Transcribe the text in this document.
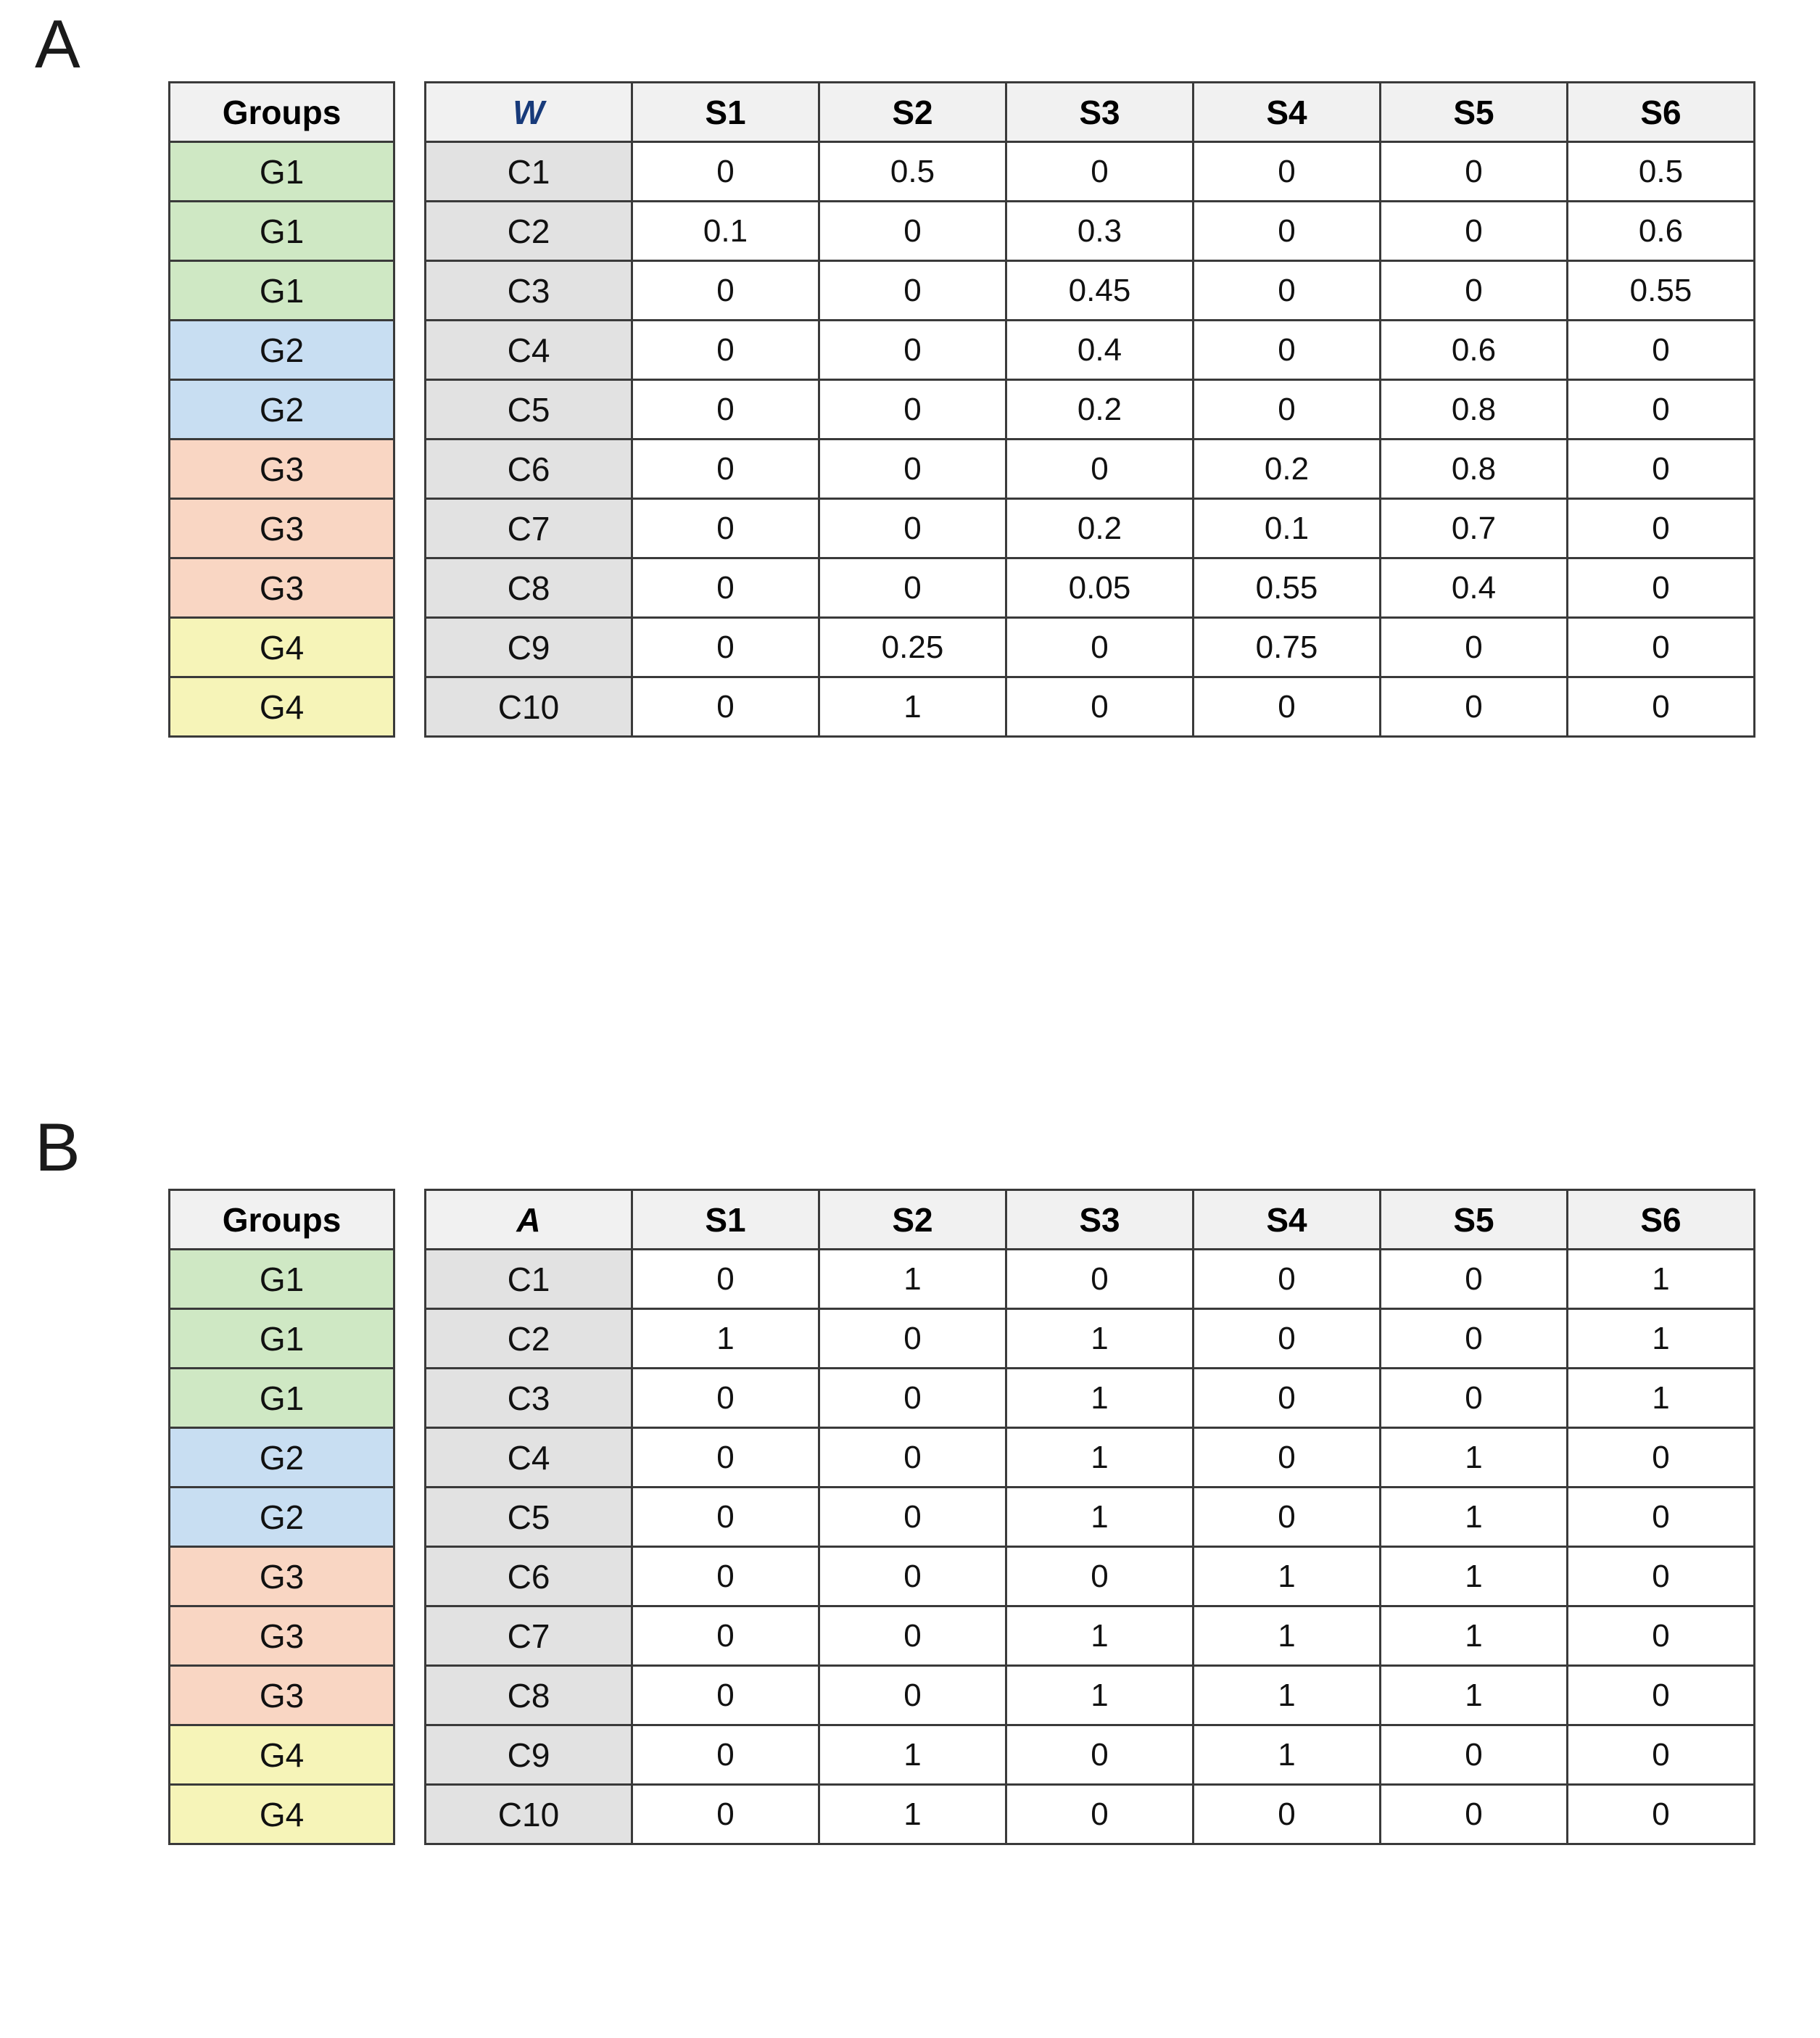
A
Groups
G1
G1
G1
G2
G2
G3
G3
G3
G4
G4
W	S1	S2	S3	S4	S5	S6
C1	0	0.5	0	0	0	0.5
C2	0.1	0	0.3	0	0	0.6
C3	0	0	0.45	0	0	0.55
C4	0	0	0.4	0	0.6	0
C5	0	0	0.2	0	0.8	0
C6	0	0	0	0.2	0.8	0
C7	0	0	0.2	0.1	0.7	0
C8	0	0	0.05	0.55	0.4	0
C9	0	0.25	0	0.75	0	0
C10	0	1	0	0	0	0
B
Groups
G1
G1
G1
G2
G2
G3
G3
G3
G4
G4
A	S1	S2	S3	S4	S5	S6
C1	0	1	0	0	0	1
C2	1	0	1	0	0	1
C3	0	0	1	0	0	1
C4	0	0	1	0	1	0
C5	0	0	1	0	1	0
C6	0	0	0	1	1	0
C7	0	0	1	1	1	0
C8	0	0	1	1	1	0
C9	0	1	0	1	0	0
C10	0	1	0	0	0	0
